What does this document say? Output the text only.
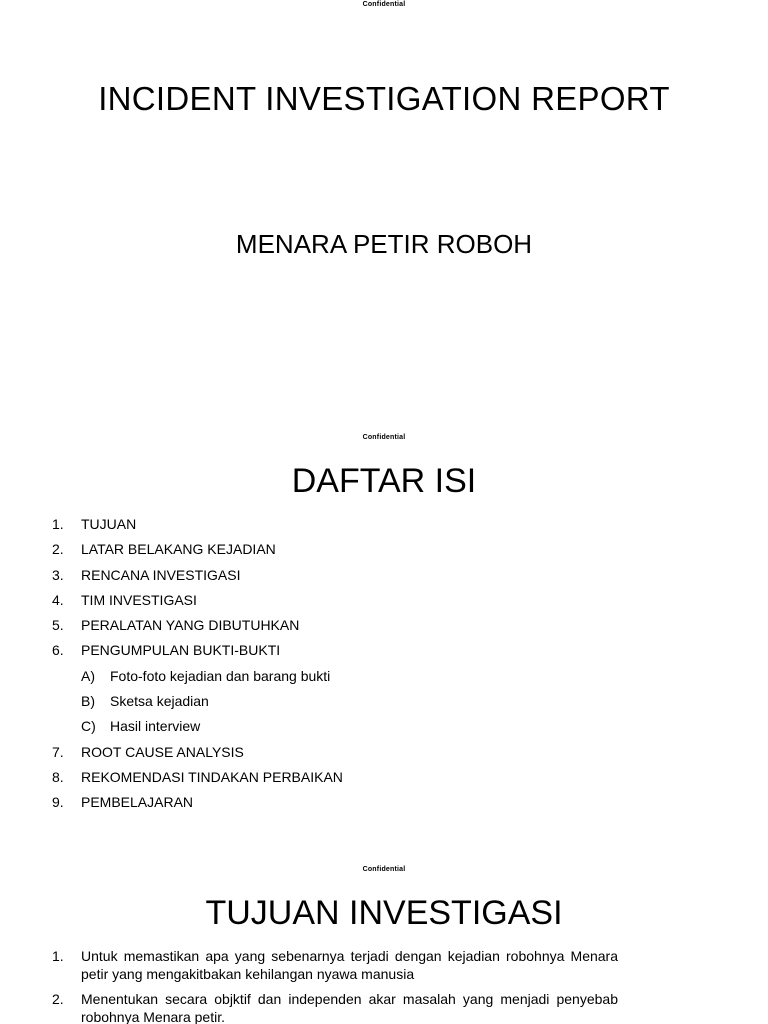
Confidential
INCIDENT INVESTIGATION REPORT
MENARA PETIR ROBOH
Confidential
DAFTAR ISI
1.	TUJUAN
2.	LATAR BELAKANG KEJADIAN
3.	RENCANA INVESTIGASI
4.	TIM INVESTIGASI
5.	PERALATAN YANG DIBUTUHKAN
6.	PENGUMPULAN BUKTI-BUKTI
A)	Foto-foto kejadian dan barang bukti
B)	Sketsa kejadian
C)	Hasil interview
7.	ROOT CAUSE ANALYSIS
8.	REKOMENDASI TINDAKAN PERBAIKAN
9.	PEMBELAJARAN
Confidential
TUJUAN INVESTIGASI
1.	Untuk memastikan apa yang sebenarnya terjadi dengan kejadian robohnya Menara petir yang mengakitbakan kehilangan nyawa manusia
2.	Menentukan secara objktif dan independen akar masalah yang menjadi penyebab robohnya Menara petir.
